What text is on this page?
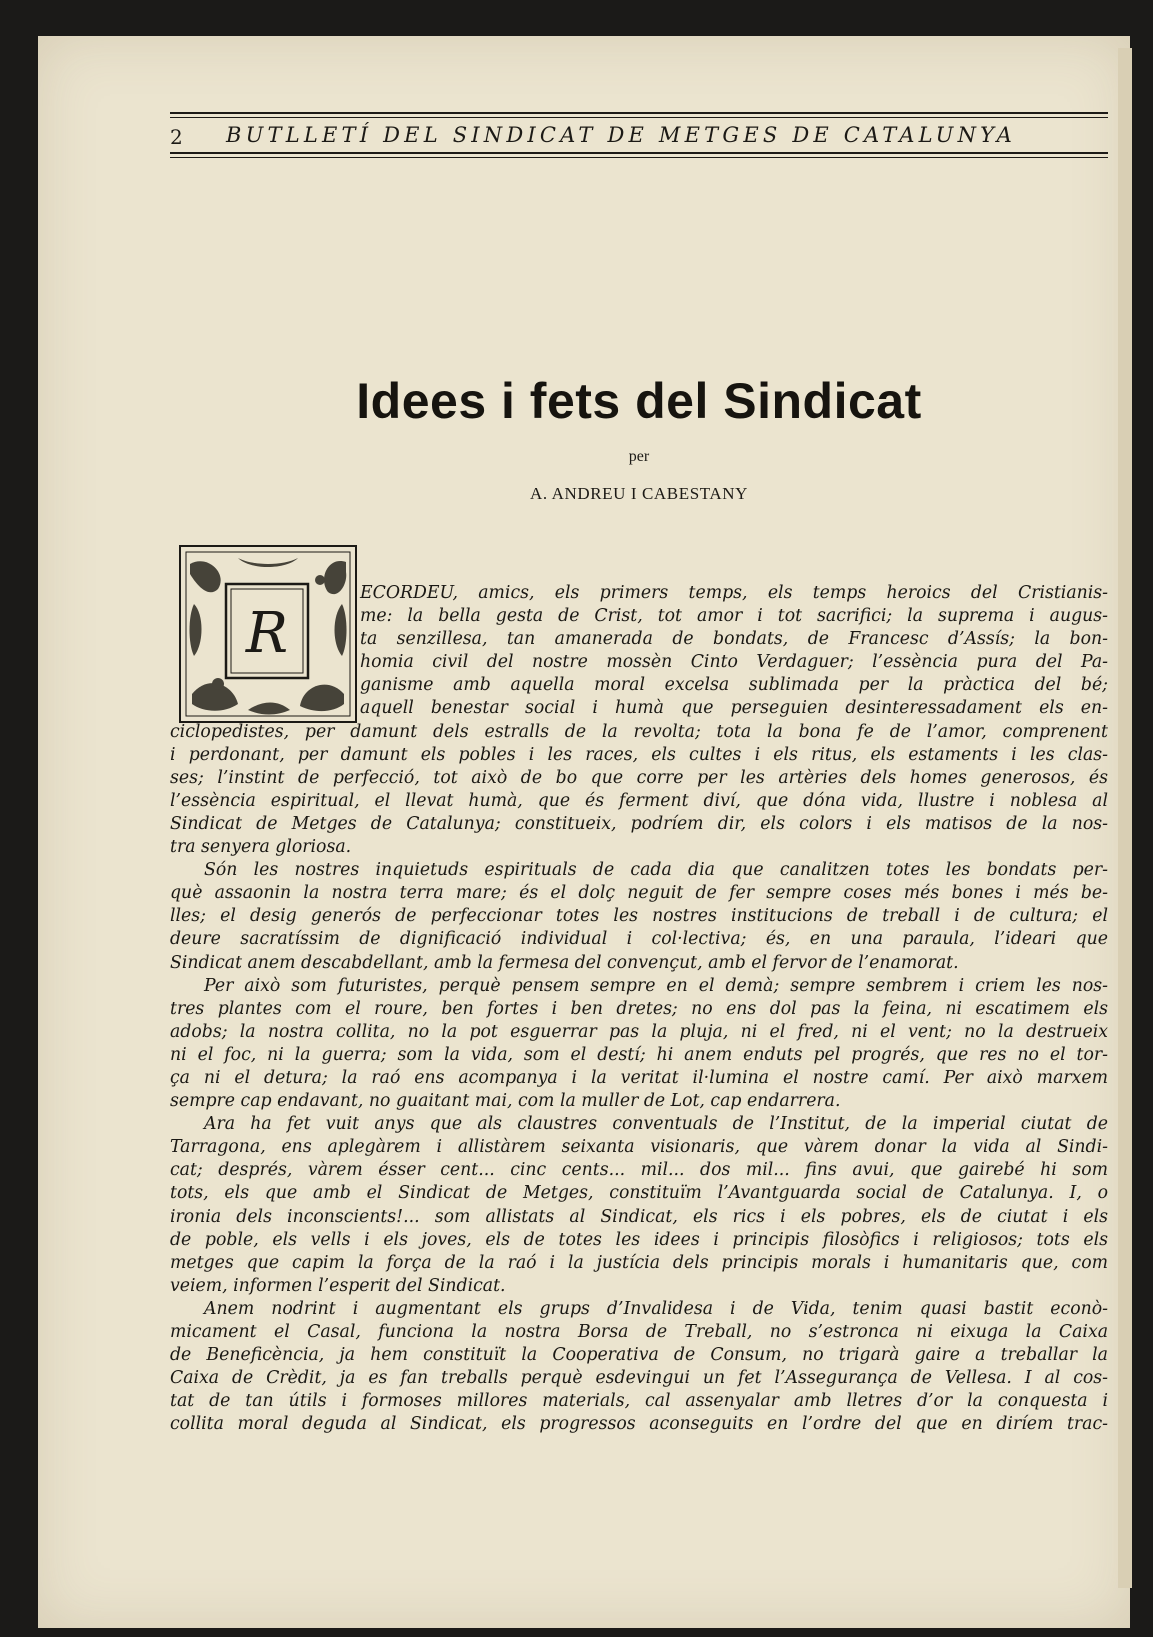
2 BUTLLETÍ DEL SINDICAT DE METGES DE CATALUNYA
Idees i fets del Sindicat
per
A. ANDREU I CABESTANY
R
ECORDEU, amics, els primers temps, els temps heroics del Cristianis-
me: la bella gesta de Crist, tot amor i tot sacrifici; la suprema i augus-
ta senzillesa, tan amanerada de bondats, de Francesc d’Assís; la bon-
homia civil del nostre mossèn Cinto Verdaguer; l’essència pura del Pa-
ganisme amb aquella moral excelsa sublimada per la pràctica del bé;
aquell benestar social i humà que perseguien desinteressadament els en-
ciclopedistes, per damunt dels estralls de la revolta; tota la bona fe de l’amor, comprenent
i perdonant, per damunt els pobles i les races, els cultes i els ritus, els estaments i les clas-
ses; l’instint de perfecció, tot això de bo que corre per les artèries dels homes generosos, és
l’essència espiritual, el llevat humà, que és ferment diví, que dóna vida, llustre i noblesa al
Sindicat de Metges de Catalunya; constitueix, podríem dir, els colors i els matisos de la nos-
tra senyera gloriosa.
Són les nostres inquietuds espirituals de cada dia que canalitzen totes les bondats per-
què assaonin la nostra terra mare; és el dolç neguit de fer sempre coses més bones i més be-
lles; el desig generós de perfeccionar totes les nostres institucions de treball i de cultura; el
deure sacratíssim de dignificació individual i col·lectiva; és, en una paraula, l’ideari que
Sindicat anem descabdellant, amb la fermesa del convençut, amb el fervor de l’enamorat.
Per això som futuristes, perquè pensem sempre en el demà; sempre sembrem i criem les nos-
tres plantes com el roure, ben fortes i ben dretes; no ens dol pas la feina, ni escatimem els
adobs; la nostra collita, no la pot esguerrar pas la pluja, ni el fred, ni el vent; no la destrueix
ni el foc, ni la guerra; som la vida, som el destí; hi anem enduts pel progrés, que res no el tor-
ça ni el detura; la raó ens acompanya i la veritat il·lumina el nostre camí. Per això marxem
sempre cap endavant, no guaitant mai, com la muller de Lot, cap endarrera.
Ara ha fet vuit anys que als claustres conventuals de l’Institut, de la imperial ciutat de
Tarragona, ens aplegàrem i allistàrem seixanta visionaris, que vàrem donar la vida al Sindi-
cat; després, vàrem ésser cent... cinc cents... mil... dos mil... fins avui, que gairebé hi som
tots, els que amb el Sindicat de Metges, constituïm l’Avantguarda social de Catalunya. I, o
ironia dels inconscients!... som allistats al Sindicat, els rics i els pobres, els de ciutat i els
de poble, els vells i els joves, els de totes les idees i principis filosòfics i religiosos; tots els
metges que capim la força de la raó i la justícia dels principis morals i humanitaris que, com
veiem, informen l’esperit del Sindicat.
Anem nodrint i augmentant els grups d’Invalidesa i de Vida, tenim quasi bastit econò-
micament el Casal, funciona la nostra Borsa de Treball, no s’estronca ni eixuga la Caixa
de Beneficència, ja hem constituït la Cooperativa de Consum, no trigarà gaire a treballar la
Caixa de Crèdit, ja es fan treballs perquè esdevingui un fet l’Assegurança de Vellesa. I al cos-
tat de tan útils i formoses millores materials, cal assenyalar amb lletres d’or la conquesta i
collita moral deguda al Sindicat, els progressos aconseguits en l’ordre del que en diríem trac-
